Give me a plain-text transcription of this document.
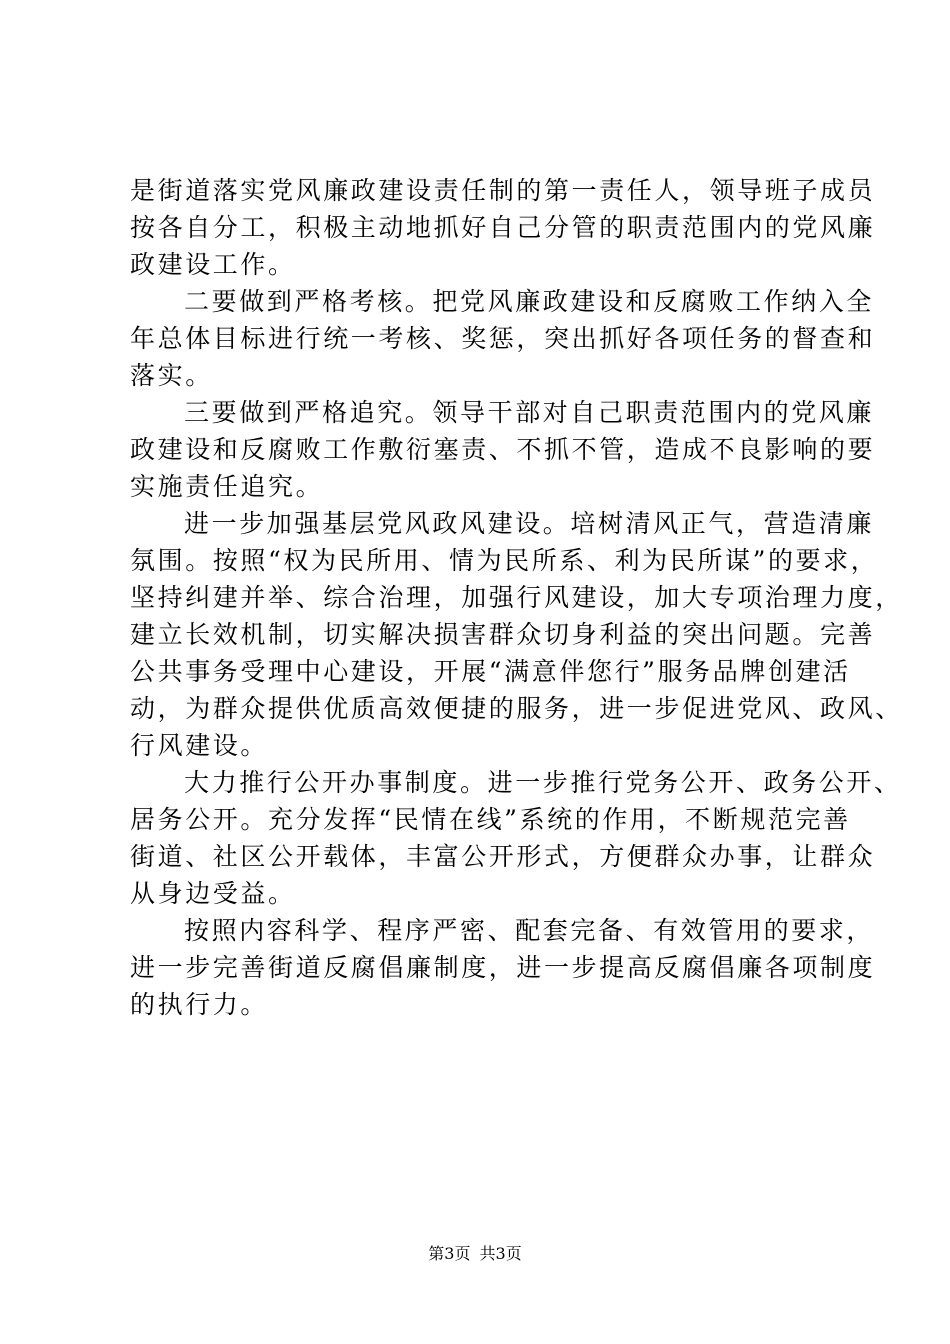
是街道落实党风廉政建设责任制的第一责任人，领导班子成员
按各自分工，积极主动地抓好自己分管的职责范围内的党风廉
政建设工作。
二要做到严格考核。把党风廉政建设和反腐败工作纳入全
年总体目标进行统一考核、奖惩，突出抓好各项任务的督查和
落实。
三要做到严格追究。领导干部对自己职责范围内的党风廉
政建设和反腐败工作敷衍塞责、不抓不管，造成不良影响的要
实施责任追究。
进一步加强基层党风政风建设。培树清风正气，营造清廉
氛围。按照“权为民所用、情为民所系、利为民所谋”的要求，
坚持纠建并举、综合治理，加强行风建设，加大专项治理力度，
建立长效机制，切实解决损害群众切身利益的突出问题。完善
公共事务受理中心建设，开展“满意伴您行”服务品牌创建活
动，为群众提供优质高效便捷的服务，进一步促进党风、政风、
行风建设。
大力推行公开办事制度。进一步推行党务公开、政务公开、
居务公开。充分发挥“民情在线”系统的作用，不断规范完善
街道、社区公开载体，丰富公开形式，方便群众办事，让群众
从身边受益。
按照内容科学、程序严密、配套完备、有效管用的要求，
进一步完善街道反腐倡廉制度，进一步提高反腐倡廉各项制度
的执行力。
第3页 共3页
